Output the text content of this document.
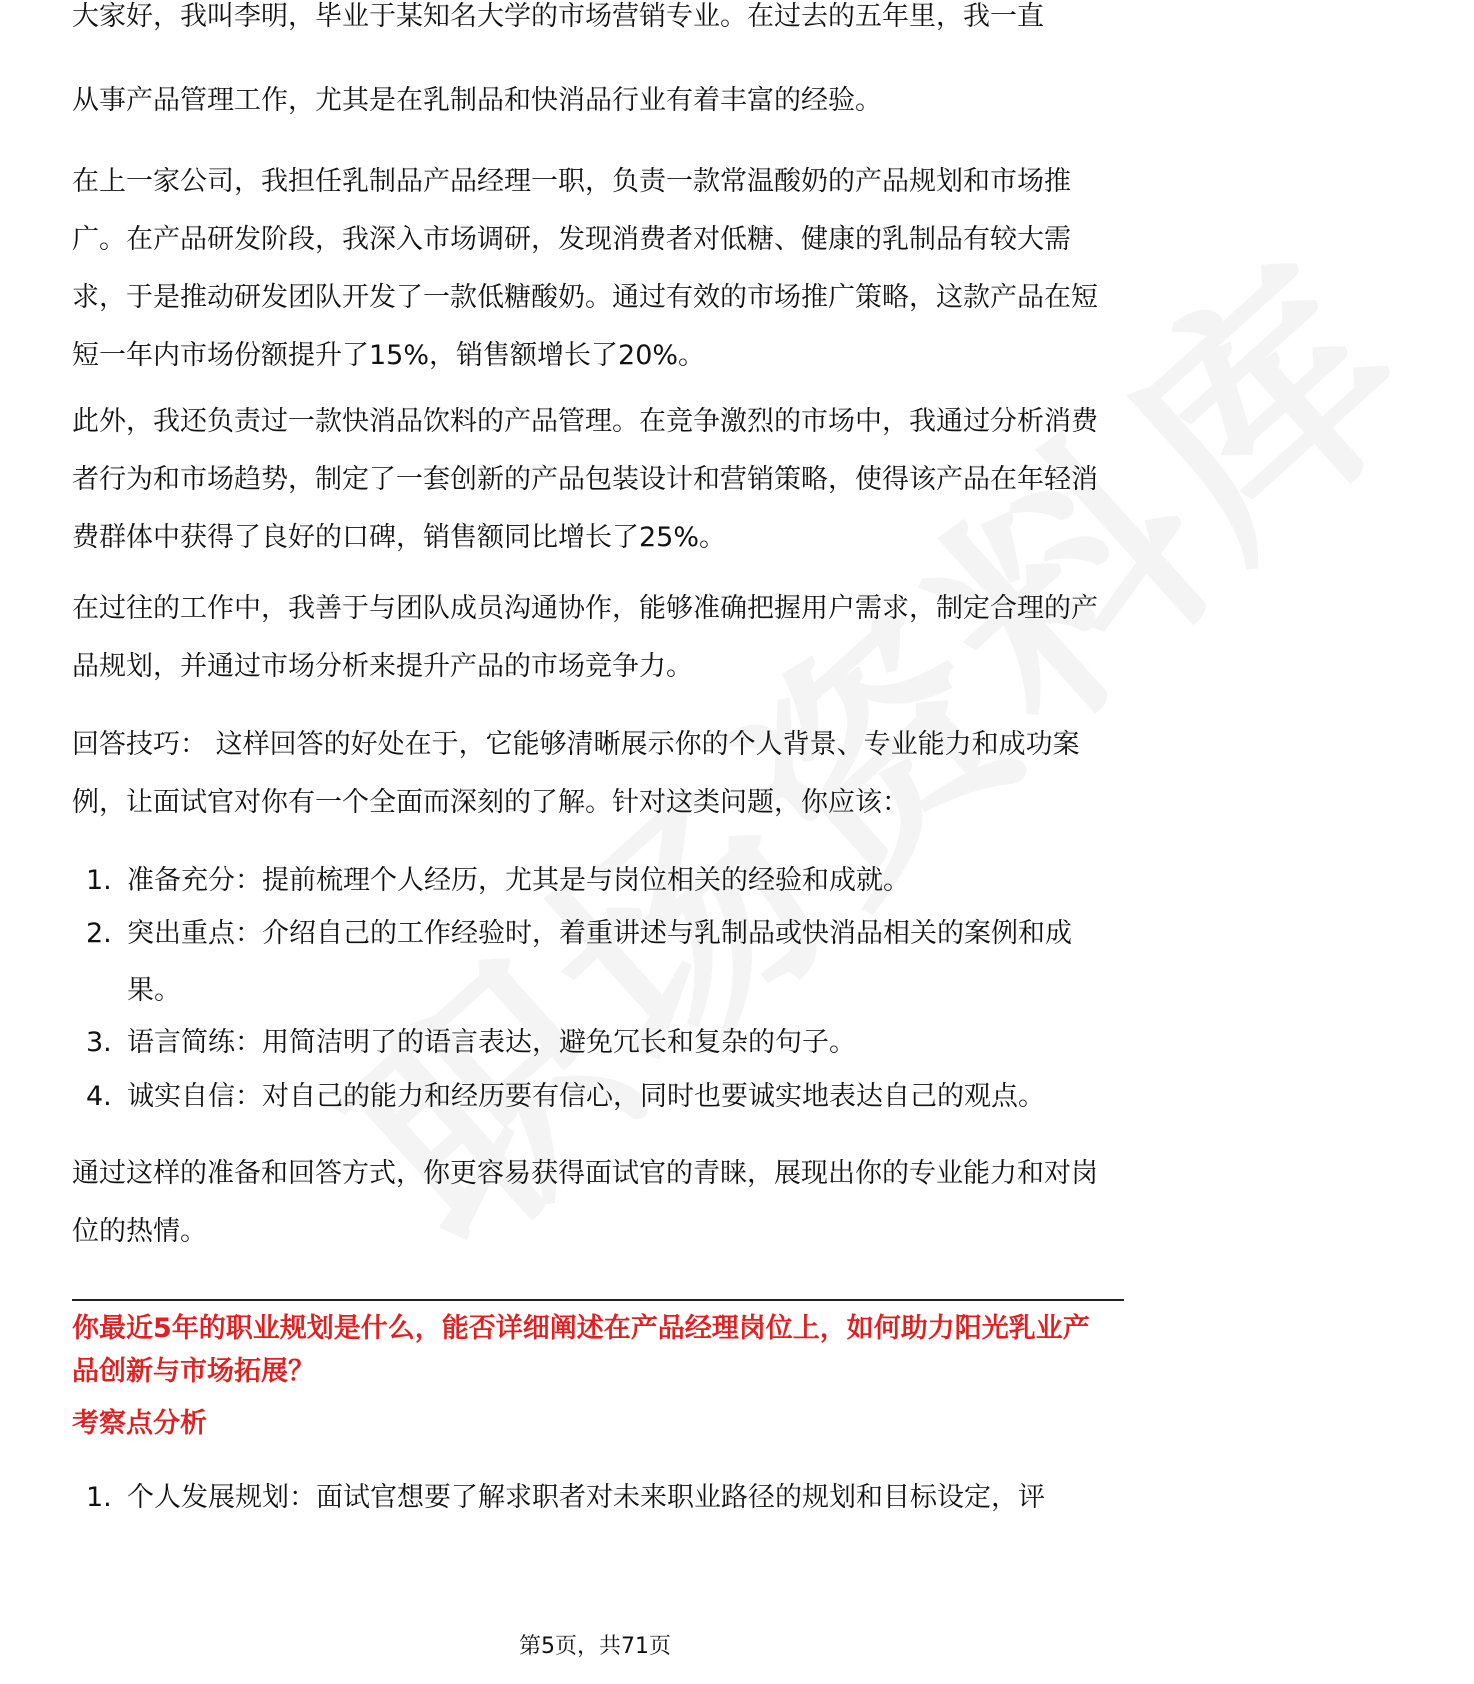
大家好，我叫李明，毕业于某知名大学的市场营销专业。在过去的五年里，我一直

从事产品管理工作，尤其是在乳制品和快消品行业有着丰富的经验。

在上一家公司，我担任乳制品产品经理一职，负责一款常温酸奶的产品规划和市场推广。在产品研发阶段，我深入市场调研，发现消费者对低糖、健康的乳制品有较大需求，于是推动研发团队开发了一款低糖酸奶。通过有效的市场推广策略，这款产品在短短一年内市场份额提升了15%，销售额增长了20%。

此外，我还负责过一款快消品饮料的产品管理。在竞争激烈的市场中，我通过分析消费者行为和市场趋势，制定了一套创新的产品包装设计和营销策略，使得该产品在年轻消费群体中获得了良好的口碑，销售额同比增长了25%。

在过往的工作中，我善于与团队成员沟通协作，能够准确把握用户需求，制定合理的产品规划，并通过市场分析来提升产品的市场竞争力。

回答技巧： 这样回答的好处在于，它能够清晰展示你的个人背景、专业能力和成功案例，让面试官对你有一个全面而深刻的了解。针对这类问题，你应该：

1. 准备充分：提前梳理个人经历，尤其是与岗位相关的经验和成就。
2. 突出重点：介绍自己的工作经验时，着重讲述与乳制品或快消品相关的案例和成果。
3. 语言简练：用简洁明了的语言表达，避免冗长和复杂的句子。
4. 诚实自信：对自己的能力和经历要有信心，同时也要诚实地表达自己的观点。

通过这样的准备和回答方式，你更容易获得面试官的青睐，展现出你的专业能力和对岗位的热情。

你最近5年的职业规划是什么，能否详细阐述在产品经理岗位上，如何助力阳光乳业产品创新与市场拓展？
考察点分析
1. 个人发展规划：面试官想要了解求职者对未来职业路径的规划和目标设定，评
第5页，共71页
